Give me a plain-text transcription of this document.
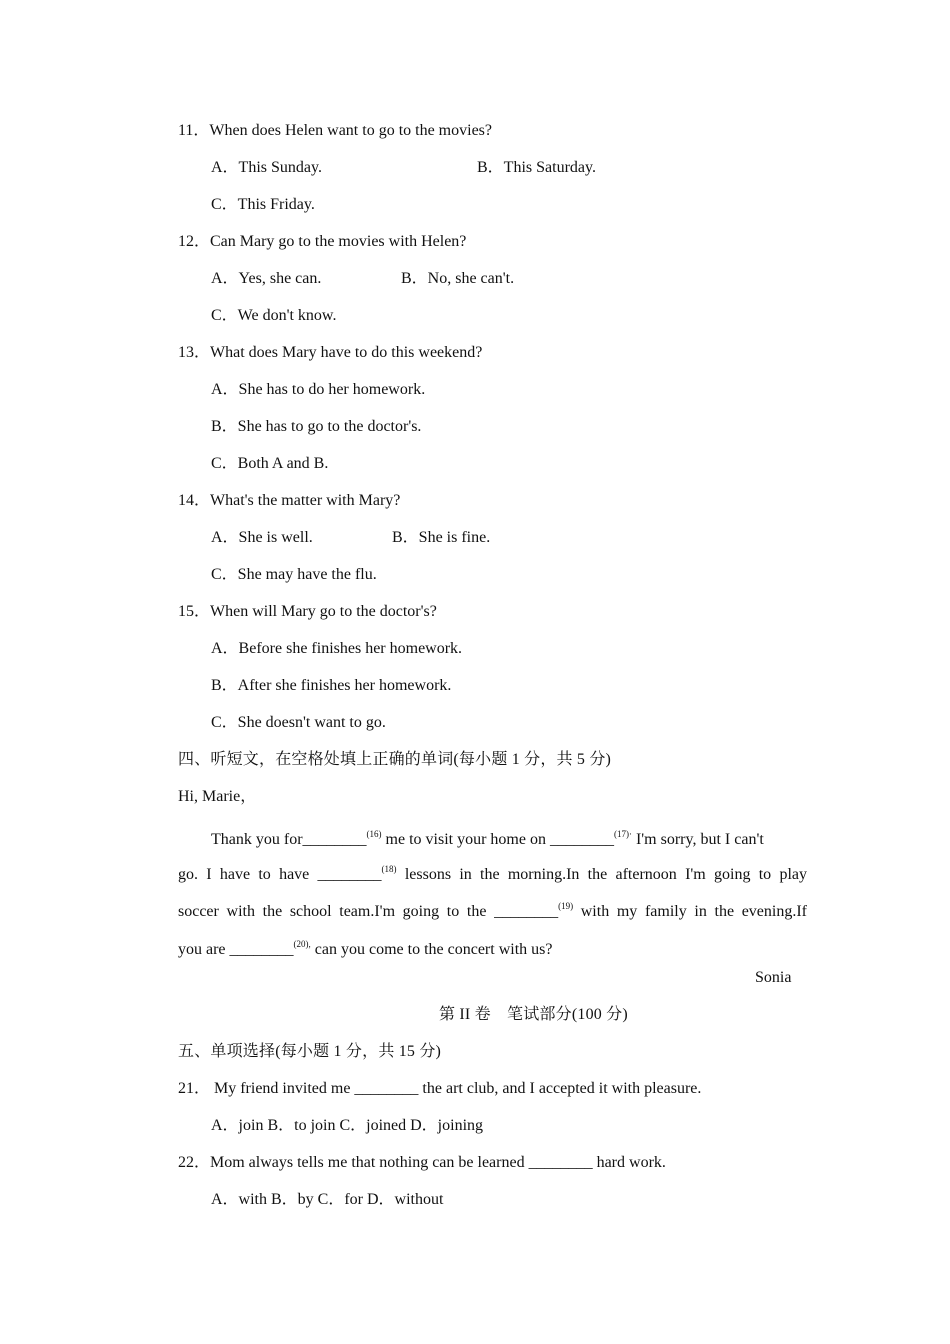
11．When does Helen want to go to the movies?
A．This Sunday.	B．This Saturday.
C．This Friday.
12．Can Mary go to the movies with Helen?
A．Yes, she can.	B．No, she can't.
C．We don't know.
13．What does Mary have to do this weekend?
A．She has to do her homework.
B．She has to go to the doctor's.
C．Both A and B.
14．What's the matter with Mary?
A．She is well.	B．She is fine.
C．She may have the flu.
15．When will Mary go to the doctor's?
A．Before she finishes her homework.
B．After she finishes her homework.
C．She doesn't want to go.
四、听短文，在空格处填上正确的单词(每小题 1 分，共 5 分)
Hi, Marie，
Thank you for________$^{(16)}$ me to visit your home on ________$^{(17)\cdot}$ I'm sorry, but I can't
go. I have to have ________$^{(18)}$ lessons in the morning.In the afternoon I'm going to play
soccer with the school team.I'm going to the ________$^{(19)}$ with my family in the evening.If
you are ________$^{(20),}$ can you come to the concert with us?
Sonia
第 II 卷　笔试部分(100 分)
五、单项选择(每小题 1 分，共 15 分)
21． My friend invited me ________ the art club, and I accepted it with pleasure.
A．join B．to join C．joined D．joining
22．Mom always tells me that nothing can be learned ________ hard work.
A．with B．by C．for D．without
